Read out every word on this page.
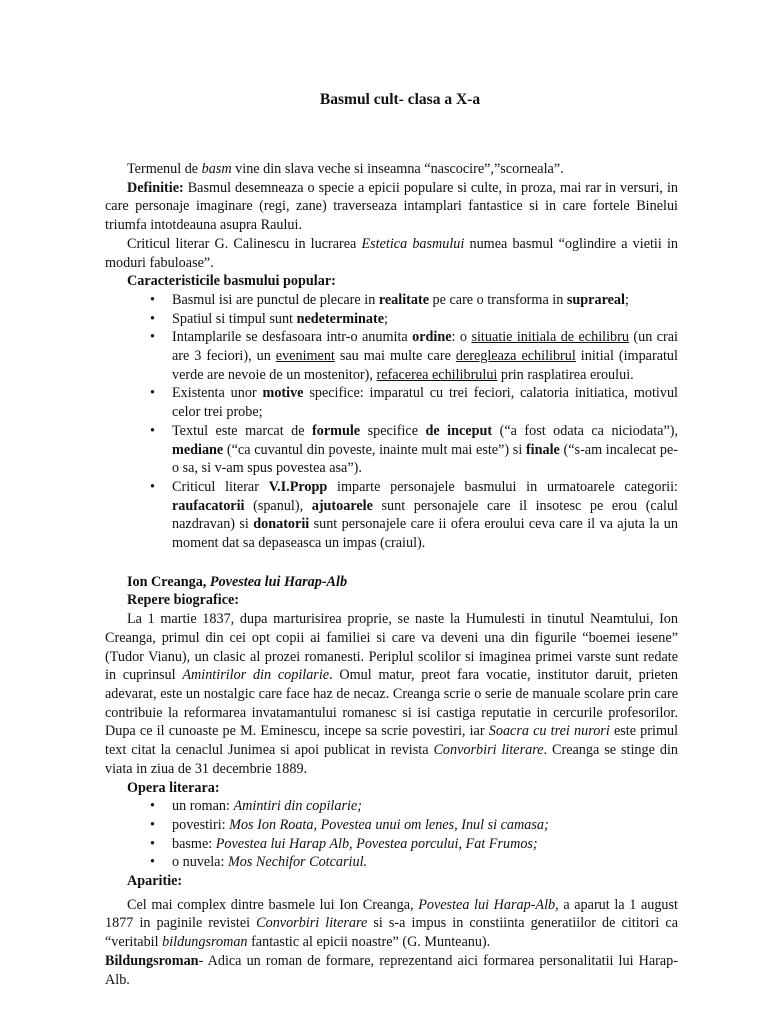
Basmul cult- clasa a X-a

Termenul de basm vine din slava veche si inseamna “nascocire”,”scorneala”.

Definitie: Basmul desemneaza o specie a epicii populare si culte, in proza, mai rar in versuri, in care personaje imaginare (regi, zane) traverseaza intamplari fantastice si in care fortele Binelui triumfa intotdeauna asupra Raului.

Criticul literar G. Calinescu in lucrarea Estetica basmului numea basmul “oglindire a vietii in moduri fabuloase”.

Caracteristicile basmului popular:
• Basmul isi are punctul de plecare in realitate pe care o transforma in suprareal;
• Spatiul si timpul sunt nedeterminate;
• Intamplarile se desfasoara intr-o anumita ordine: o situatie initiala de echilibru (un crai are 3 feciori), un eveniment sau mai multe care deregleaza echilibrul initial (imparatul verde are nevoie de un mostenitor), refacerea echilibrului prin rasplatirea eroului.
• Existenta unor motive specifice: imparatul cu trei feciori, calatoria initiatica, motivul celor trei probe;
• Textul este marcat de formule specifice de inceput (“a fost odata ca niciodata”), mediane (“ca cuvantul din poveste, inainte mult mai este”) si finale (“s-am incalecat pe-o sa, si v-am spus povestea asa”).
• Criticul literar V.I.Propp imparte personajele basmului in urmatoarele categorii: raufacatorii (spanul), ajutoarele sunt personajele care il insotesc pe erou (calul nazdravan) si donatorii sunt personajele care ii ofera eroului ceva care il va ajuta la un moment dat sa depaseasca un impas (craiul).
Ion Creanga, Povestea lui Harap-Alb
Repere biografice:

La 1 martie 1837, dupa marturisirea proprie, se naste la Humulesti in tinutul Neamtului, Ion Creanga, primul din cei opt copii ai familiei si care va deveni una din figurile “boemei iesene” (Tudor Vianu), un clasic al prozei romanesti. Periplul scolilor si imaginea primei varste sunt redate in cuprinsul Amintirilor din copilarie. Omul matur, preot fara vocatie, institutor daruit, prieten adevarat, este un nostalgic care face haz de necaz. Creanga scrie o serie de manuale scolare prin care contribuie la reformarea invatamantului romanesc si isi castiga reputatie in cercurile profesorilor. Dupa ce il cunoaste pe M. Eminescu, incepe sa scrie povestiri, iar Soacra cu trei nurori este primul text citat la cenaclul Junimea si apoi publicat in revista Convorbiri literare. Creanga se stinge din viata in ziua de 31 decembrie 1889.

Opera literara:
• un roman: Amintiri din copilarie;
• povestiri: Mos Ion Roata, Povestea unui om lenes, Inul si camasa;
• basme: Povestea lui Harap Alb, Povestea porcului, Fat Frumos;
• o nuvela: Mos Nechifor Cotcariul.
Aparitie:

Cel mai complex dintre basmele lui Ion Creanga, Povestea lui Harap-Alb, a aparut la 1 august 1877 in paginile revistei Convorbiri literare si s-a impus in constiinta generatiilor de cititori ca “veritabil bildungsroman fantastic al epicii noastre” (G. Munteanu).

Bildungsroman- Adica un roman de formare, reprezentand aici formarea personalitatii lui Harap-Alb.
